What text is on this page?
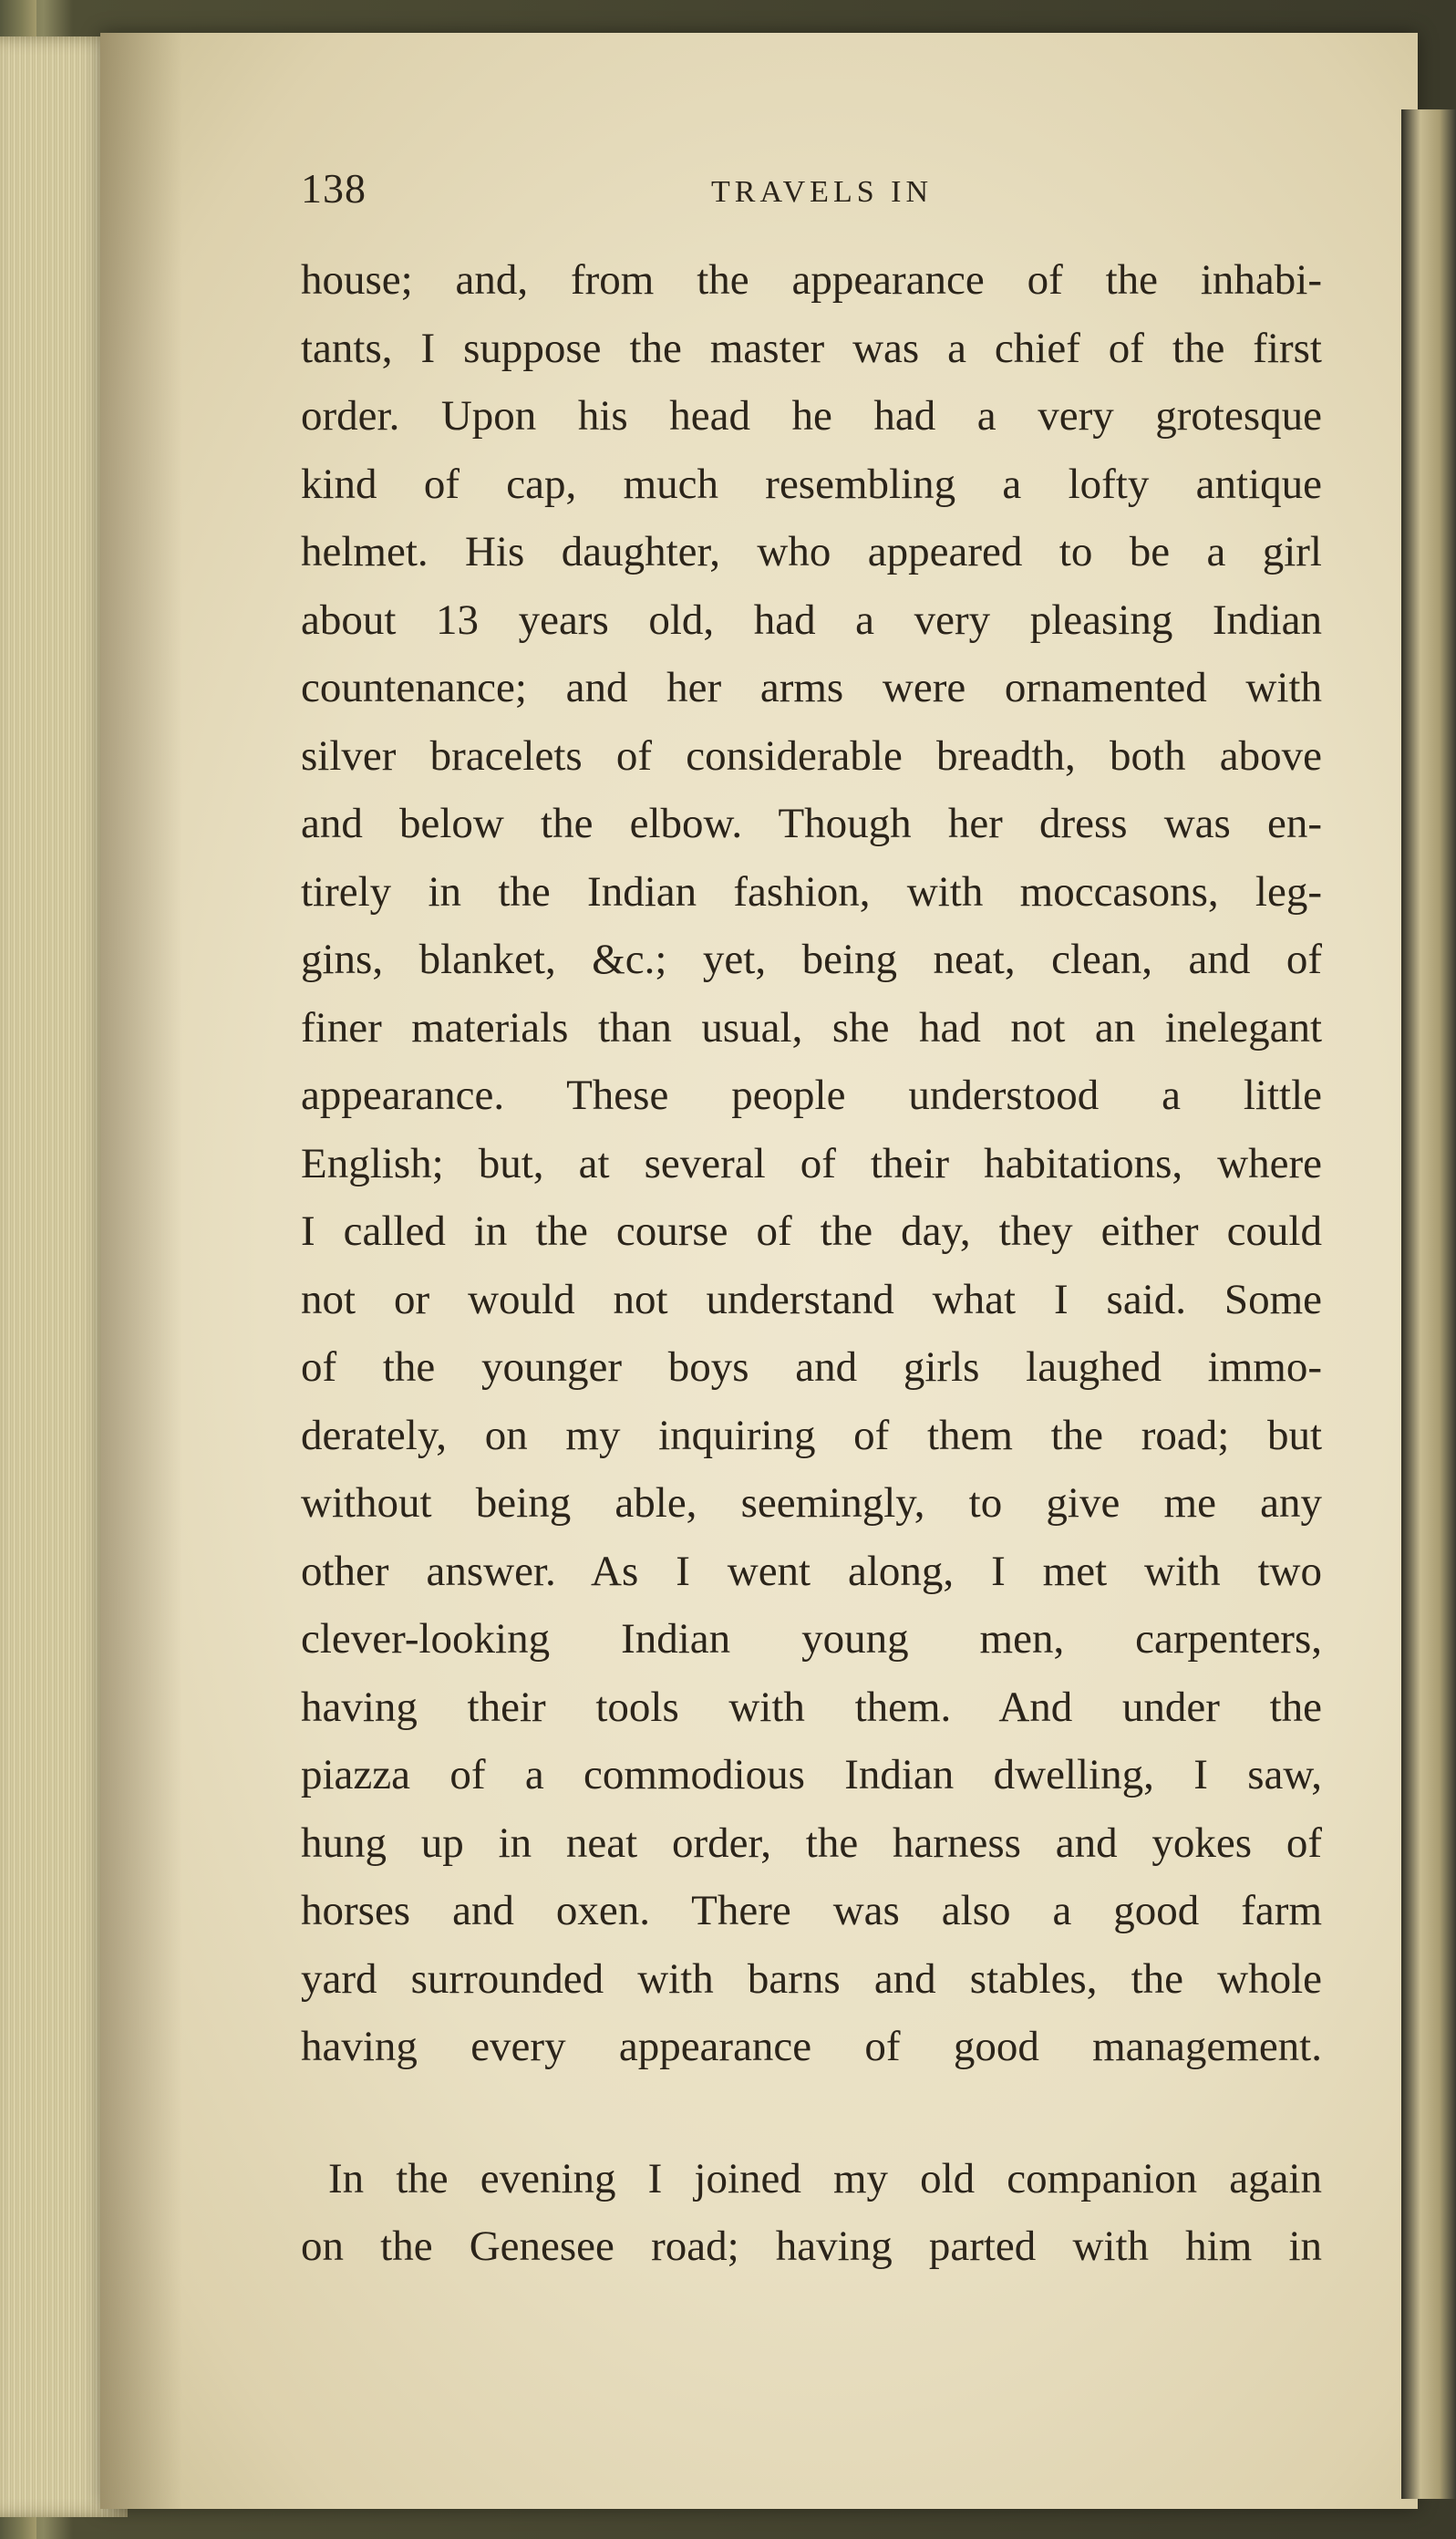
138	TRAVELS IN
house; and, from the appearance of the inhabi-
tants, I suppose the master was a chief of the first
order. Upon his head he had a very grotesque
kind of cap, much resembling a lofty antique
helmet. His daughter, who appeared to be a girl
about 13 years old, had a very pleasing Indian
countenance; and her arms were ornamented with
silver bracelets of considerable breadth, both above
and below the elbow. Though her dress was en-
tirely in the Indian fashion, with moccasons, leg-
gins, blanket, &c.; yet, being neat, clean, and of
finer materials than usual, she had not an inelegant
appearance. These people understood a little
English; but, at several of their habitations, where
I called in the course of the day, they either could
not or would not understand what I said. Some
of the younger boys and girls laughed immo-
derately, on my inquiring of them the road; but
without being able, seemingly, to give me any
other answer. As I went along, I met with two
clever-looking Indian young men, carpenters,
having their tools with them. And under the
piazza of a commodious Indian dwelling, I saw,
hung up in neat order, the harness and yokes of
horses and oxen. There was also a good farm
yard surrounded with barns and stables, the whole
having every appearance of good management.
In the evening I joined my old companion again
on the Genesee road; having parted with him in
